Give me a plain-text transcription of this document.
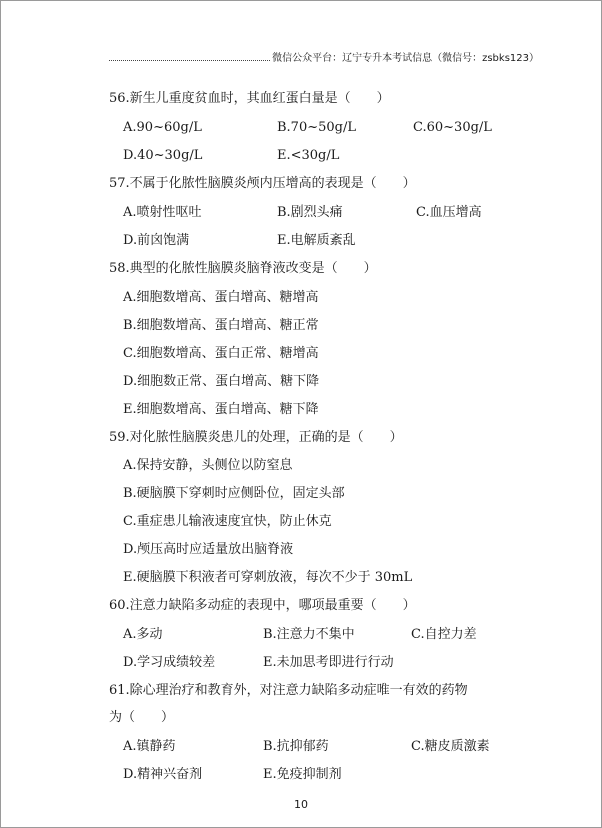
微信公众平台：辽宁专升本考试信息（微信号：zsbks123）
56.新生儿重度贫血时，其血红蛋白量是（　　）
A.90~60g/L	B.70~50g/L	C.60~30g/L
D.40~30g/L	E.<30g/L
57.不属于化脓性脑膜炎颅内压增高的表现是（　　）
A.喷射性呕吐	B.剧烈头痛	C.血压增高
D.前囟饱满	E.电解质紊乱
58.典型的化脓性脑膜炎脑脊液改变是（　　）
A.细胞数增高、蛋白增高、糖增高
B.细胞数增高、蛋白增高、糖正常
C.细胞数增高、蛋白正常、糖增高
D.细胞数正常、蛋白增高、糖下降
E.细胞数增高、蛋白增高、糖下降
59.对化脓性脑膜炎患儿的处理，正确的是（　　）
A.保持安静，头侧位以防窒息
B.硬脑膜下穿刺时应侧卧位，固定头部
C.重症患儿输液速度宜快，防止休克
D.颅压高时应适量放出脑脊液
E.硬脑膜下积液者可穿刺放液，每次不少于 30mL
60.注意力缺陷多动症的表现中，哪项最重要（　　）
A.多动	B.注意力不集中	C.自控力差
D.学习成绩较差	E.未加思考即进行行动
61.除心理治疗和教育外，对注意力缺陷多动症唯一有效的药物
为（　　）
A.镇静药	B.抗抑郁药	C.糖皮质激素
D.精神兴奋剂	E.免疫抑制剂
10
